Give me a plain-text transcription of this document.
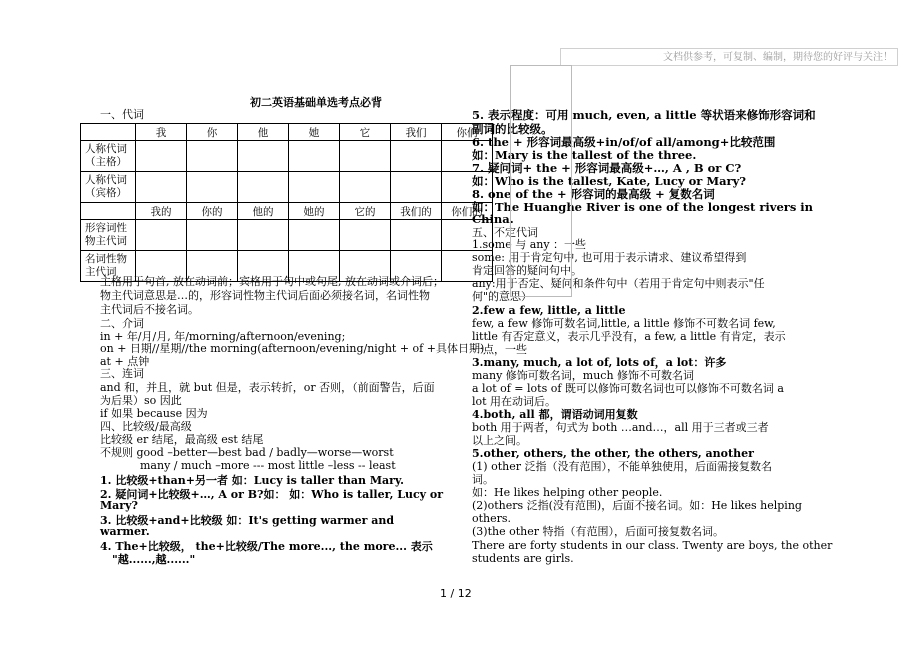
文档供参考，可复制、编制，期待您的好评与关注！
初二英语基础单选考点必背
一、代词
	我	你	他	她	它	我们	你们
人称代词（主格）							
人称代词（宾格）							
	我的	你的	他的	她的	它的	我们的	你们的
形容词性物主代词							
名词性物主代词							
主格用于句首, 放在动词前；宾格用于句中或句尾, 放在动词或介词后；
物主代词意思是…的，形容词性物主代词后面必须接名词，名词性物
主代词后不接名词。
二、介词
in + 年/月/月, 年/morning/afternoon/evening;
on + 日期//星期//the morning(afternoon/evening/night + of +具体日期)
at + 点钟
三、连词
and 和，并且，就 but 但是，表示转折，or 否则，（前面警告，后面
为后果）so 因此
if 如果 because 因为
四、比较级/最高级
比较级 er 结尾，最高级 est 结尾
不规则 good –better—best bad / badly—worse—worst
many / much –more --- most little –less -- least
1. 比较级+than+另一者 如：Lucy is taller than Mary.
2. 疑问词+比较级+…, A or B?如： 如：Who is taller, Lucy or
Mary?
3. 比较级+and+比较级 如：It's getting warmer and
warmer.
4. The+比较级， the+比较级/The more..., the more... 表示
"越......,越......"
5. 表示程度：可用 much, even, a little 等状语来修饰形容词和
副词的比较级。
6. the + 形容词最高级+in/of/of all/among+比较范围
如：Mary is the tallest of the three.
7. 疑问词+ the + 形容词最高级+…, A , B or C?
如：Who is the tallest, Kate, Lucy or Mary?
8. one of the + 形容词的最高级 + 复数名词
如：The Huanghe River is one of the longest rivers in
China.
五、不定代词
1.some 与 any ：一些
some: 用于肯定句中, 也可用于表示请求、建议希望得到
肯定回答的疑问句中。
any:用于否定、疑问和条件句中（若用于肯定句中则表示"任
何"的意思）
2.few a few, little, a little
few, a few 修饰可数名词,little, a little 修饰不可数名词 few,
little 有否定意义，表示几乎没有，a few, a little 有肯定，表示
一点，一些
3.many, much, a lot of, lots of，a lot：许多
many 修饰可数名词，much 修饰不可数名词
a lot of = lots of 既可以修饰可数名词也可以修饰不可数名词 a
lot 用在动词后。
4.both, all 都，谓语动词用复数
both 用于两者，句式为 both …and…，all 用于三者或三者
以上之间。
5.other, others, the other, the others, another
(1) other 泛指（没有范围），不能单独使用，后面需接复数名
词。
如：He likes helping other people.
(2)others 泛指(没有范围)，后面不接名词。如：He likes helping
others.
(3)the other 特指（有范围），后面可接复数名词。
There are forty students in our class. Twenty are boys, the other
students are girls.
1 / 12
